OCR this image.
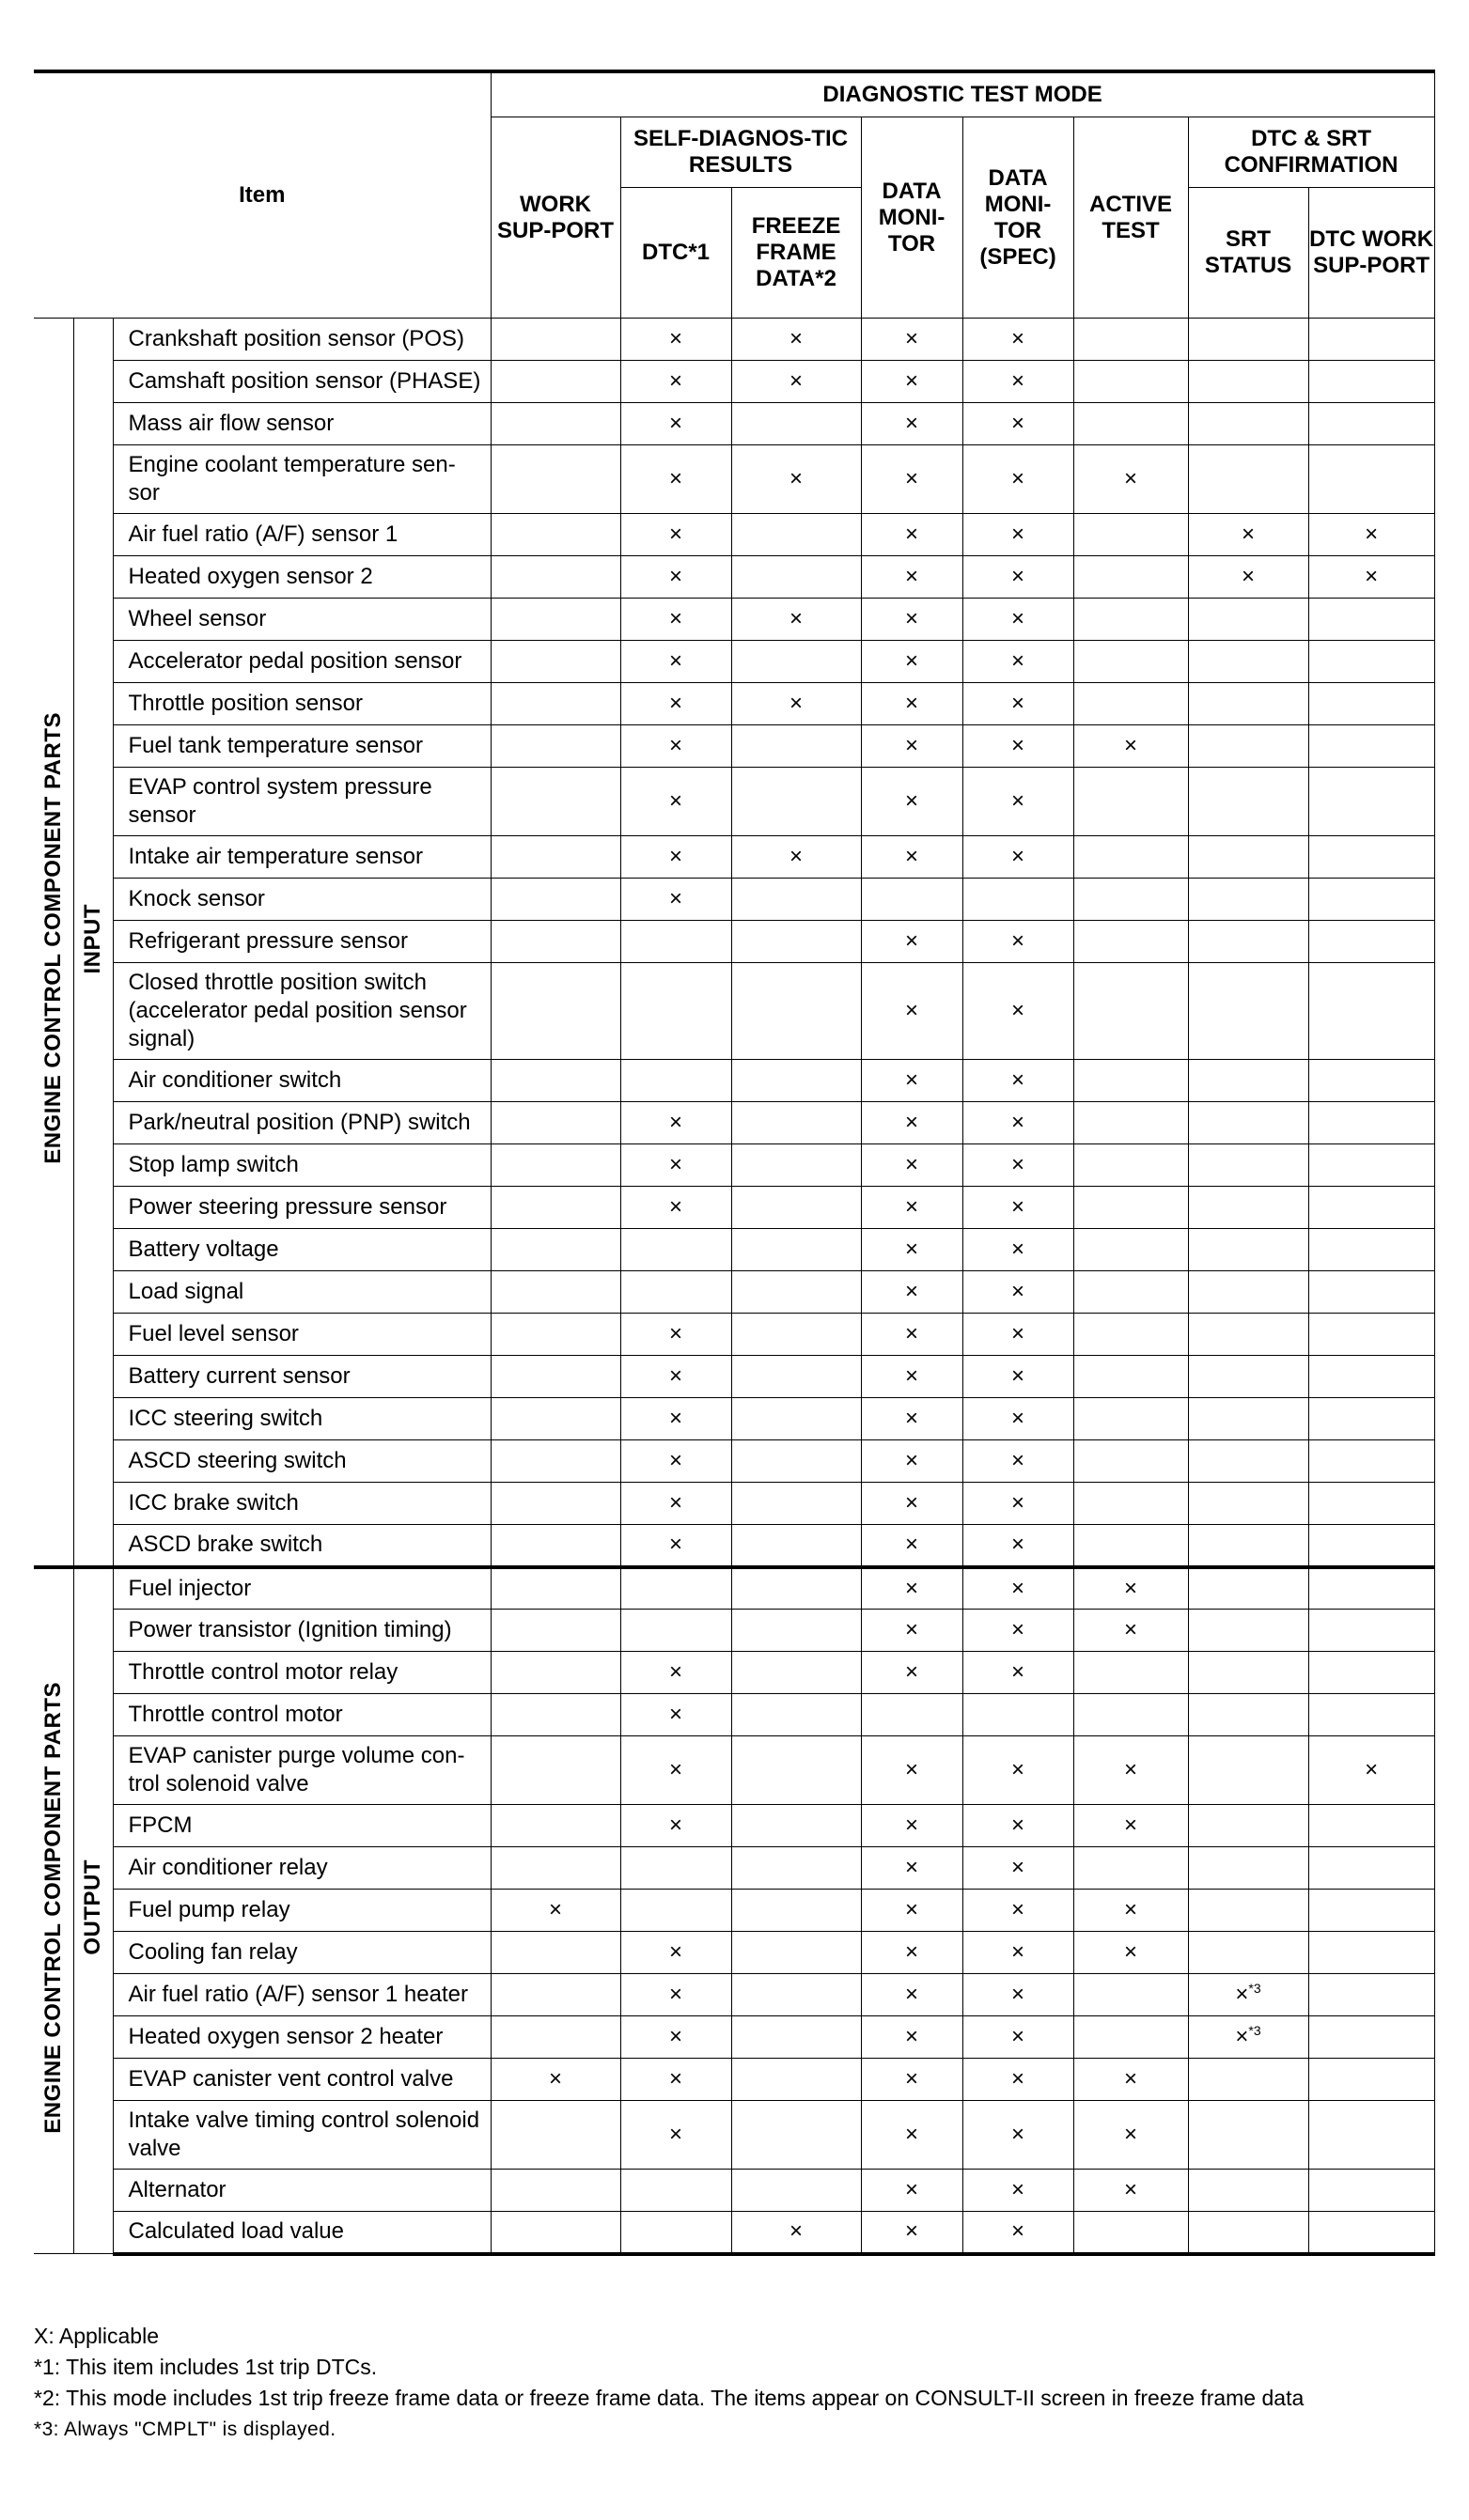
Item			DIAGNOSTIC TEST MODE							
			WORK SUP-PORT	SELF-DIAGNOS-TIC RESULTS		DATA MONI-TOR	DATA MONI-TOR (SPEC)	ACTIVE TEST	DTC & SRT CONFIRMATION	
				DTC*1	FREEZE FRAME DATA*2				SRT STATUS	DTC WORK SUP-PORT
ENGINE CONTROL COMPONENT PARTS	INPUT	Crankshaft position sensor (POS)		×	×	×	×			
		Camshaft position sensor (PHASE)		×	×	×	×			
		Mass air flow sensor		×		×	×			
		Engine coolant temperature sen-sor		×	×	×	×	×		
		Air fuel ratio (A/F) sensor 1		×		×	×		×	×
		Heated oxygen sensor 2		×		×	×		×	×
		Wheel sensor		×	×	×	×			
		Accelerator pedal position sensor		×		×	×			
		Throttle position sensor		×	×	×	×			
		Fuel tank temperature sensor		×		×	×	×		
		EVAP control system pressure sensor		×		×	×			
		Intake air temperature sensor		×	×	×	×			
		Knock sensor		×						
		Refrigerant pressure sensor				×	×			
		Closed throttle position switch (accelerator pedal position sensor signal)				×	×			
		Air conditioner switch				×	×			
		Park/neutral position (PNP) switch		×		×	×			
		Stop lamp switch		×		×	×			
		Power steering pressure sensor		×		×	×			
		Battery voltage				×	×			
		Load signal				×	×			
		Fuel level sensor		×		×	×			
		Battery current sensor		×		×	×			
		ICC steering switch		×		×	×			
		ASCD steering switch		×		×	×			
		ICC brake switch		×		×	×			
		ASCD brake switch		×		×	×			
ENGINE CONTROL COMPONENT PARTS	OUTPUT	Fuel injector				×	×	×		
		Power transistor (Ignition timing)				×	×	×		
		Throttle control motor relay		×		×	×			
		Throttle control motor		×						
		EVAP canister purge volume con-trol solenoid valve		×		×	×	×		×
		FPCM		×		×	×	×		
		Air conditioner relay				×	×			
		Fuel pump relay	×			×	×	×		
		Cooling fan relay		×		×	×	×		
		Air fuel ratio (A/F) sensor 1 heater		×		×	×		×$^{*3}$	
		Heated oxygen sensor 2 heater		×		×	×		×$^{*3}$	
		EVAP canister vent control valve	×	×		×	×	×		
		Intake valve timing control solenoid valve		×		×	×	×		
		Alternator				×	×	×		
		Calculated load value			×	×	×			
X: Applicable
*1: This item includes 1st trip DTCs.
*2: This mode includes 1st trip freeze frame data or freeze frame data. The items appear on CONSULT-II screen in freeze frame data
*3: Always "CMPLT" is displayed.
